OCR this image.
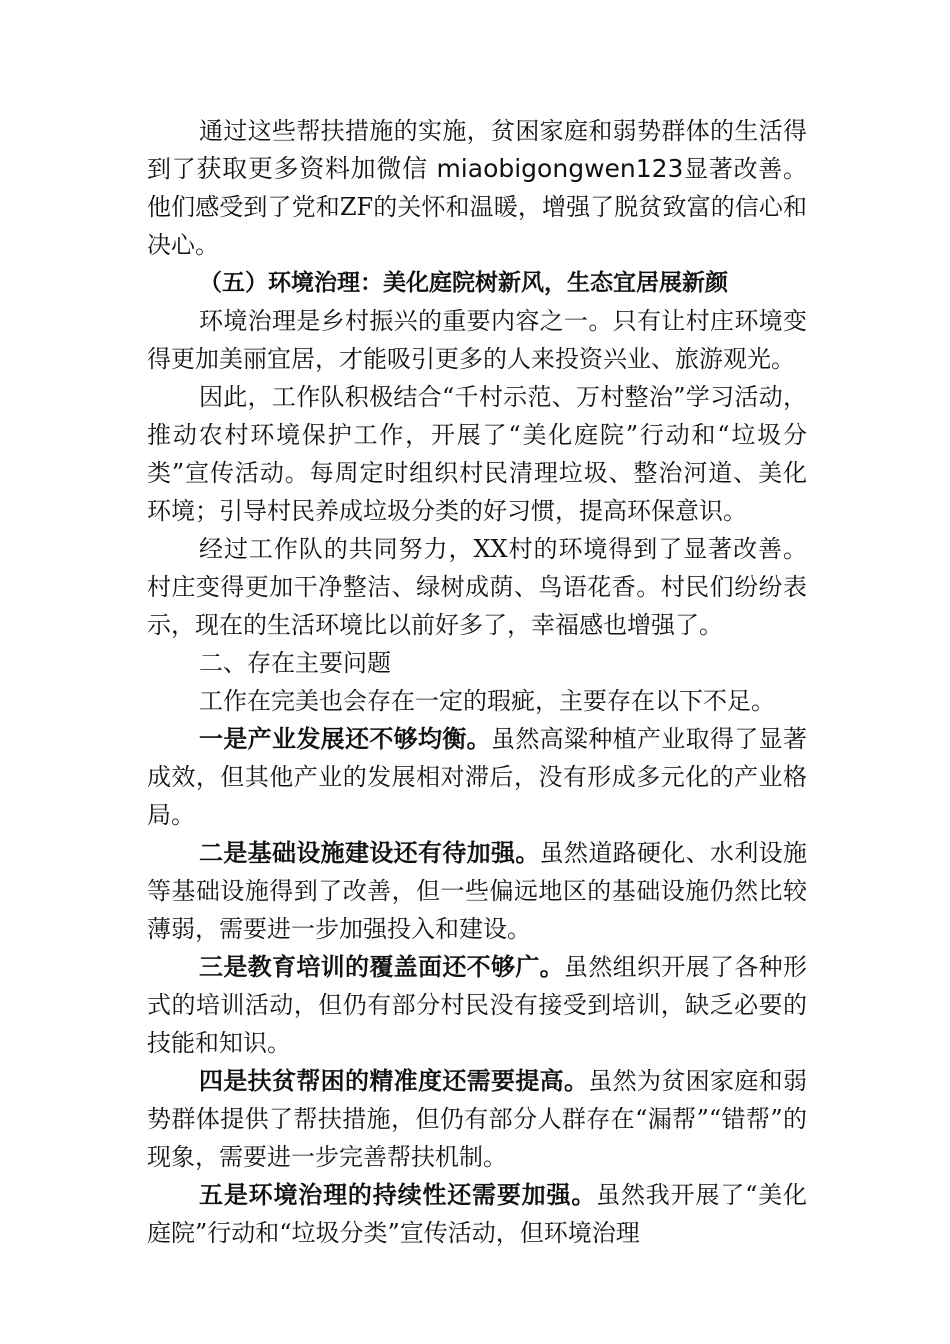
通过这些帮扶措施的实施，贫困家庭和弱势群体的生活得到了获取更多资料加微信 miaobigongwen123显著改善。他们感受到了党和ZF的关怀和温暖，增强了脱贫致富的信心和决心。

（五）环境治理：美化庭院树新风，生态宜居展新颜

环境治理是乡村振兴的重要内容之一。只有让村庄环境变得更加美丽宜居，才能吸引更多的人来投资兴业、旅游观光。

因此，工作队积极结合“千村示范、万村整治”学习活动，推动农村环境保护工作，开展了“美化庭院”行动和“垃圾分类”宣传活动。每周定时组织村民清理垃圾、整治河道、美化环境；引导村民养成垃圾分类的好习惯，提高环保意识。

经过工作队的共同努力，XX村的环境得到了显著改善。村庄变得更加干净整洁、绿树成荫、鸟语花香。村民们纷纷表示，现在的生活环境比以前好多了，幸福感也增强了。

二、存在主要问题

工作在完美也会存在一定的瑕疵，主要存在以下不足。

一是产业发展还不够均衡。虽然高粱种植产业取得了显著成效，但其他产业的发展相对滞后，没有形成多元化的产业格局。

二是基础设施建设还有待加强。虽然道路硬化、水利设施等基础设施得到了改善，但一些偏远地区的基础设施仍然比较薄弱，需要进一步加强投入和建设。

三是教育培训的覆盖面还不够广。虽然组织开展了各种形式的培训活动，但仍有部分村民没有接受到培训，缺乏必要的技能和知识。

四是扶贫帮困的精准度还需要提高。虽然为贫困家庭和弱势群体提供了帮扶措施，但仍有部分人群存在“漏帮”“错帮”的现象，需要进一步完善帮扶机制。

五是环境治理的持续性还需要加强。虽然我开展了“美化庭院”行动和“垃圾分类”宣传活动，但环境治理
